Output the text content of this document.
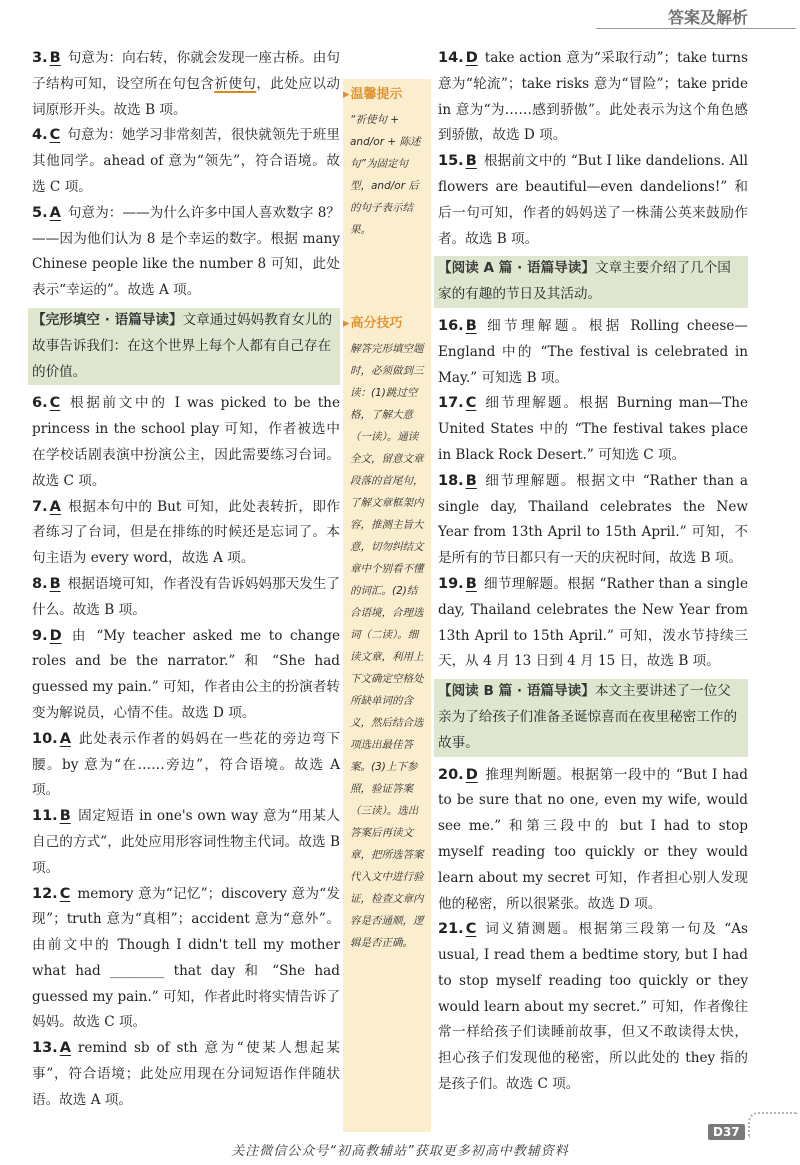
答案及解析
3. B 句意为：向右转，你就会发现一座古桥。由句子结构可知，设空所在句包含祈使句，此处应以动词原形开头。故选 B 项。
4. C 句意为：她学习非常刻苦，很快就领先于班里其他同学。ahead of 意为“领先”，符合语境。故选 C 项。
5. A 句意为：——为什么许多中国人喜欢数字 8？——因为他们认为 8 是个幸运的数字。根据 many Chinese people like the number 8 可知，此处表示“幸运的”。故选 A 项。
【完形填空 · 语篇导读】文章通过妈妈教育女儿的故事告诉我们：在这个世界上每个人都有自己存在的价值。
6. C 根据前文中的 I was picked to be the princess in the school play 可知，作者被选中在学校话剧表演中扮演公主，因此需要练习台词。故选 C 项。
7. A 根据本句中的 But 可知，此处表转折，即作者练习了台词，但是在排练的时候还是忘词了。本句主语为 every word，故选 A 项。
8. B 根据语境可知，作者没有告诉妈妈那天发生了什么。故选 B 项。
9. D 由 “My teacher asked me to change roles and be the narrator.” 和 “She had guessed my pain.” 可知，作者由公主的扮演者转变为解说员，心情不佳。故选 D 项。
10. A 此处表示作者的妈妈在一些花的旁边弯下腰。by 意为“在……旁边”，符合语境。故选 A 项。
11. B 固定短语 in one's own way 意为“用某人自己的方式”，此处应用形容词性物主代词。故选 B 项。
12. C memory 意为“记忆”；discovery 意为“发现”；truth 意为“真相”；accident 意为“意外”。由前文中的 Though I didn't tell my mother what had ________ that day 和 “She had guessed my pain.” 可知，作者此时将实情告诉了妈妈。故选 C 项。
13. A remind sb of sth 意为“使某人想起某事”，符合语境；此处应用现在分词短语作伴随状语。故选 A 项。
▸温馨提示
“祈使句 + and/or + 陈述句”为固定句型，and/or 后的句子表示结果。
▸高分技巧
解答完形填空题时，必须做到三读：(1)跳过空格，了解大意（一读）。通读全文，留意文章段落的首尾句，了解文章框架内容，推测主旨大意，切勿纠结文章中个别看不懂的词汇。(2)结合语境，合理选词（二读）。细读文章，利用上下文确定空格处所缺单词的含义，然后结合选项选出最佳答案。(3)上下参照，验证答案（三读）。选出答案后再读文章，把所选答案代入文中进行验证，检查文章内容是否通顺，逻辑是否正确。
14. D take action 意为“采取行动”；take turns 意为“轮流”；take risks 意为“冒险”；take pride in 意为“为……感到骄傲”。此处表示为这个角色感到骄傲，故选 D 项。
15. B 根据前文中的 “But I like dandelions. All flowers are beautiful—even dandelions!” 和后一句可知，作者的妈妈送了一株蒲公英来鼓励作者。故选 B 项。
【阅读 A 篇 · 语篇导读】文章主要介绍了几个国家的有趣的节日及其活动。
16. B 细节理解题。根据 Rolling cheese—England 中的 “The festival is celebrated in May.” 可知选 B 项。
17. C 细节理解题。根据 Burning man—The United States 中的 “The festival takes place in Black Rock Desert.” 可知选 C 项。
18. B 细节理解题。根据文中 “Rather than a single day, Thailand celebrates the New Year from 13th April to 15th April.” 可知，不是所有的节日都只有一天的庆祝时间，故选 B 项。
19. B 细节理解题。根据 “Rather than a single day, Thailand celebrates the New Year from 13th April to 15th April.” 可知，泼水节持续三天，从 4 月 13 日到 4 月 15 日，故选 B 项。
【阅读 B 篇 · 语篇导读】本文主要讲述了一位父亲为了给孩子们准备圣诞惊喜而在夜里秘密工作的故事。
20. D 推理判断题。根据第一段中的 “But I had to be sure that no one, even my wife, would see me.” 和第三段中的 but I had to stop myself reading too quickly or they would learn about my secret 可知，作者担心别人发现他的秘密，所以很紧张。故选 D 项。
21. C 词义猜测题。根据第三段第一句及 “As usual, I read them a bedtime story, but I had to stop myself reading too quickly or they would learn about my secret.” 可知，作者像往常一样给孩子们读睡前故事，但又不敢读得太快，担心孩子们发现他的秘密，所以此处的 they 指的是孩子们。故选 C 项。
D37
关注微信公众号“初高教辅站”获取更多初高中教辅资料
